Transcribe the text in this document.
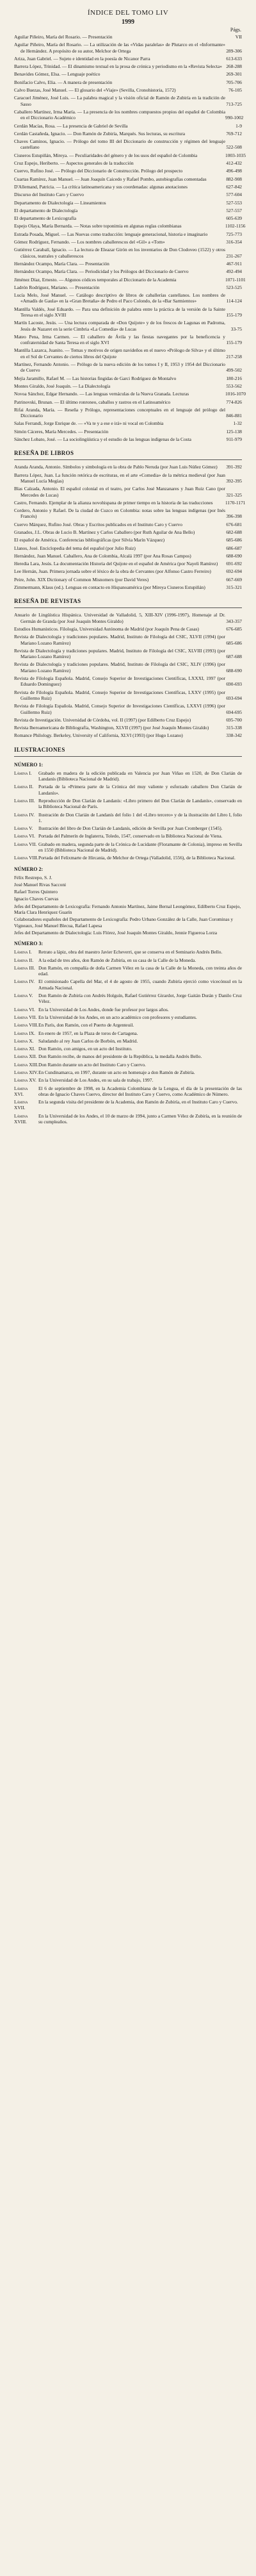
ÍNDICE DEL TOMO LIV
1999
Págs.
Aguilar Piñeiro, María del Rosario. — Presentación	VII
Aguilar Piñeiro, María del Rosario. — La utilización de las «Vidas paralelas» de Plutarco en el «Informante» de Hernández. A propósito de su autor, Melchor de Ortega	289-306
Ariza, Juan Gabriel. — Sujeto e identidad en la poesía de Nicanor Parra	613-633
Barrera López, Trinidad. — El dinamismo textual en la prosa de crónica y periodismo en la «Revista Selecta» 268-288
Benavides Gómez, Elsa. — Lenguaje poético	269-301
Bonifacio Calvo, Elia. — A manera de presentación	705-706
Calvo Buezas, José Manuel. — El glosario del «Viaje» (Sevilla, Cronohistoria, 1572)	76-105
Caracuel Jiménez, José Luis. — La palabra magical y la visión oficial de Ramón de Zubiría en la tradición de Sasso	713-725
Caballero Martínez, Irma María. — La presencia de los nombres compuestos propios del español de Colombia en el Diccionario Académico	990-1002
Cerdán Macías, Rosa. — La presencia de Gabriel de Sevilla	1-9
Cerdán Castañeda, Ignacio. — Don Ramón de Zubiría, Marqués. Sus lecturas, su escritura	769-712
Chaves Caminos, Ignacio. — Prólogo del tomo III del Diccionario de construcción y régimen del lenguaje castellano	522-508
Cisneros Estupiñán, Mireya. — Peculiaridades del género y de los usos del español de Colombia	1003-1035
Cruz Espejo, Heriberto. — Aspectos generales de la traducción	412-432
Cuervo, Rufino José. — Prólogo del Diccionario de Construcción. Prólogo del prospecto	496-498
Cuartas Ramírez, Juan Manuel. — Juan Joaquín Caicedo y Rafael Pombo, autobiografías comentadas	882-908
D'Allemand, Patricia. — La crítica latinoamericana y sus coordenadas: algunas anotaciones	627-842
Discurso del Instituto Caro y Cuervo	577-604
Departamento de Dialectología — Lineamientos	527-553
El departamento de Dialectología	527-557
El departamento de Lexicografía	605-639
Espejo Olaya, María Bernarda. — Notas sobre toponimia en algunas reglas colombianas	1102-1156
Estrada Posada, Miguel. — Las Nuevas como traducción: lenguaje generacional, historia e imaginario	725-773
Gómez Rodríguez, Fernando. — Los nombres caballerescos del «Gil» a «Tom»	316-354
Gutiérrez Carabalí, Ignacio. — La lectura de Eleazar Girón en los inventarios de Don Clodoveo (1522) y otros clásicos, teatrales y caballerescos	231-267
Hernández Ocampo, María Clara. — Presentación	467-911
Hernández Ocampo, María Clara. — Periodicidad y los Prólogos del Diccionario de Cuervo	492-494
Jiménez Díaz, Ernesto. — Algunos códices temporales al Diccionario de la Academia	1071-1101
Ladrón Rodríguez, Mariano. — Presentación	523-525
Lucía Melo, José Manuel. — Catálogo descriptivo de libros de caballerías castellanos. Los nombres de «Amadís de Gaula» en la «Gran Bretaña» de Pedro el Paco Colondo, de la «Bar Sarmientos»	114-124
Mantilla Valdés, José Eduardo. — Para una definición de palabra entre la práctica de la versión de la Sainte Teresa en el siglo XVIII	155-179
Martín Lacoste, Jesús. — Una lectura comparada de «Don Quijote» y de los frescos de Lagunas en Padroma, Jesús de Nazaret en la serie Cimbria «La Comedia» de Lucas	33-75
Mateo Pena, Irma Carmen. — El caballero de Ávila y las fiestas navegantes por la beneficencia y confraternidad de Santa Teresa en el siglo XVI	155-179
Mantilla Lazarca, Juanito. — Temas y motivos de origen navideños en el nuevo «Prólogo de Silva» y el último en el Sol de Cervantes de ciertos libros del Quijote	217-258
Martínez, Fernando Antonio. — Prólogo de la nueva edición de los tomos I y II, 1953 y 1954 del Diccionario de Cuervo	499-502
Mejía Jaramillo, Rafael M. — Las historias fingidas de Garci Rodríguez de Montalvo	180-216
Montes Giraldo, José Joaquín. — La Dialectología	553-562
Novoa Sánchez, Edgar Hernando. — Las lenguas vernáculas de la Nueva Granada. Lecturas	1016-1070
Patrinovski, Brunan. — El último ronroneo, caballos y rastros en el Latinoamérico	774-826
Rifai Aranda, María. — Reseña y Prólogo, representaciones conceptuales en el lenguaje del prólogo del Diccionario	846-881
Salas Ferrandi, Jorge Enrique de. — «Va te y a ese e irá» ni vocal en Colombia	1-32
Simón Cáceres, María Mercedes. — Presentación	125-138
Sánchez Lobato, José. — La sociolingüística y el estudio de las lenguas indígenas de la Costa	911-979
RESEÑA DE LIBROS
Aranda Aranda, Antonio. Símbolos y simbología en la obra de Pablo Neruda (por Juan Luis Núñez Gómez)	391-392
Barrera López, Juan. La función retórica de escrituras, en el arte «Comedia» de la métrica medieval (por Juan Manuel Lucía Megías)	392-395
Blas Calzada, Antonio. El español colonial en el teatro, por Carlos José Manzanares y Juan Ruiz Cano (por Mercedes de Lucas)	321-325
Castro, Fernando. Ejemplar de la alianza novohispana de primer tiempo en la historia de las traducciones	1170-1171
Cordero, Antonio y Rafael. De la ciudad de Cuzco en Colombia: notas sobre las lenguas indígenas (por Inés Francés)	396-398
Cuervo Márquez, Rufino José. Obras y Escritos publicados en el Instituto Caro y Cuervo	676-681
Granados, J.L. Obras de Lucio B. Martínez y Carlos Caballero (por Ruth Aguilar de Ana Bello)	682-688
El español de América. Conferencias bibliográficas (por Silvia Marín Vázquez)	685-686
Llanos, José. Enciclopedia del tema del español (por Julio Ruiz)	686-687
Hernández, Juan Manuel. Caballero, Ana de Colombia, Alcalá 1997 (por Ana Rosas Campos)	688-690
Heredia Lara, Jesús. La documentación Historia del Quijote en el español de América (por Nayeli Ramírez)	691-692
Lee Hernán, Juan. Primera jornada sobre el léxico de la obra de Cervantes (por Alfonso Castro Ferreiro)	692-694
Peire, John. XIX Dictionary of Common Misnomers (por David Veres)	667-669
Zimmermann, Klaus (ed.). Lenguas en contacto en Hispanoamérica (por Mireya Cisneros Estupiñán)	315-321
RESEÑA DE REVISTAS
Anuario de Lingüística Hispánica. Universidad de Valladolid, 5, XIII-XIV (1996-1997), Homenaje al Dr. Germán de Granda (por José Joaquín Montes Giraldo)	343-357
Estudios Humanísticos. Filología, Universidad Autónoma de Madrid (por Joaquín Pena de Casas)	676-685
Revista de Dialectología y tradiciones populares. Madrid, Instituto de Filología del CSIC, XLVII (1994) (por Mariano Lozano Ramírez)	685-686
Revista de Dialectología y tradiciones populares. Madrid, Instituto de Filología del CSIC, XLVIII (1993) (por Mariano Lozano Ramírez)	687-688
Revista de Dialectología y tradiciones populares. Madrid, Instituto de Filología del CSIC, XLIV (1996) (por Mariano Lozano Ramírez)	688-690
Revista de Filología Española. Madrid, Consejo Superior de Investigaciones Científicas, LXXXI, 1997 (por Eduardo Dominguez)	690-693
Revista de Filología Española. Madrid, Consejo Superior de Investigaciones Científicas, LXXV (1995) (por Guillermo Ruiz)	693-694
Revista de Filología Española. Madrid, Consejo Superior de Investigaciones Científicas, LXXVI (1996) (por Guillermo Ruiz)	694-695
Revista de Investigación. Universidad de Córdoba, vol. II (1997) (por Edilberto Cruz Espejo)	695-700
Revista Iberoamericana de Bibliografía, Washington, XLVII (1997) (por José Joaquín Montes Giraldo)	315-338
Romance Philology. Berkeley, University of California, XLVI (1993) (por Hugo Lozano)	338-342
ILUSTRACIONES
NÚMERO 1:
Lámina I.	Grabado en madera de la edición publicada en Valencia por Juan Viñao en 1520, de Don Clarián de Landanís (Biblioteca Nacional de Madrid).
Lámina II.	Portada de la «Primera parte de la Crónica del muy valiente y esforzado caballero Don Clarián de Landanís».
Lámina III. Reproducción de Don Clarián de Landanís: «Libro primero del Don Clarián de Landanís», conservado en la Biblioteca Nacional de París.
Lámina IV. Ilustración de Don Clarián de Landanís del folio 1 del «Libro tercero» y de la ilustración del Libro I, folio 1.
Lámina V.	Ilustración del libro de Don Clarián de Landanís, edición de Sevilla por Juan Cromberger (1545).
Lámina VI. Portada del Palmerín de Inglaterra, Toledo, 1547, conservado en la Biblioteca Nacional de Viena.
Lámina VII. Grabado en madera, segunda parte de la Crónica de Lucidante (Floramante de Colonia), impreso en Sevilla en 1550 (Biblioteca Nacional de Madrid).
Lámina VIII. Portada del Felixmarte de Hircania, de Melchor de Ortega (Valladolid, 1556), de la Biblioteca Nacional.
NÚMERO 2:
Félix Restrepo, S. J.
José Manuel Rivas Sacconi
Rafael Torres Quintero
Ignacio Chaves Cuevas
Jefes del Departamento de Lexicografía: Fernando Antonio Martínez, Jaime Bernal Leongómez, Edilberto Cruz Espejo, María Clara Henríquez Guarín
Colaboradores españoles del Departamento de Lexicografía: Pedro Urbano González de la Calle, Juan Corominas y Vigneaux, José Manuel Blecua, Rafael Lapesa
Jefes del Departamento de Dialectología: Luis Flórez, José Joaquín Montes Giraldo, Jennie Figueroa Lorza
NÚMERO 3:
Lámina I.	Retrato a lápiz, obra del maestro Javier Echeverri, que se conserva en el Seminario Andrés Bello.
Lámina II.	A la edad de tres años, don Ramón de Zubiría, en su casa de la Calle de la Moneda.
Lámina III. Don Ramón, en compañía de doña Carmen Vélez en la casa de la Calle de la Moneda, con treinta años de edad.
Lámina IV. El comisionado Capella del Mar, el 4 de agosto de 1955, cuando Zubiría ejerció como vicecónsul en la Armada Nacional.
Lámina V.	Don Ramón de Zubiría con Andrés Holguín, Rafael Gutiérrez Girardot, Jorge Gaitán Durán y Danilo Cruz Vélez.
Lámina VI. En la Universidad de Los Andes, donde fue profesor por largos años.
Lámina VII. En la Universidad de los Andes, en un acto académico con profesores y estudiantes.
Lámina VIII. En París, don Ramón, con el Puerto de Argenteuil.
Lámina IX. En enero de 1957, en la Plaza de toros de Cartagena.
Lámina X.	Saludando al rey Juan Carlos de Borbón, en Madrid.
Lámina XI. Don Ramón, con amigos, en un acto del Instituto.
Lámina XII. Don Ramón recibe, de manos del presidente de la República, la medalla Andrés Bello.
Lámina XIII. Don Ramón durante un acto del Instituto Caro y Cuervo.
Lámina XIV. En Cundinamarca, en 1997, durante un acto en homenaje a don Ramón de Zubiría.
Lámina XV. En la Universidad de Los Andes, en su sala de trabajo, 1997.
Lámina XVI.
El 6 de septiembre de 1998, en la Academia Colombiana de la Lengua, el día de la presentación de las obras de Ignacio Chaves Cuervo, director del Instituto Caro y Cuervo, como Académico de Número.
Lámina XVII.
En la segunda visita del presidente de la Academia, don Ramón de Zubiría, en el Instituto Caro y Cuervo.
Lámina XVIII.
En la Universidad de los Andes, el 10 de marzo de 1994, junto a Carmen Vélez de Zubiría, en la reunión de su cumpleaños.
